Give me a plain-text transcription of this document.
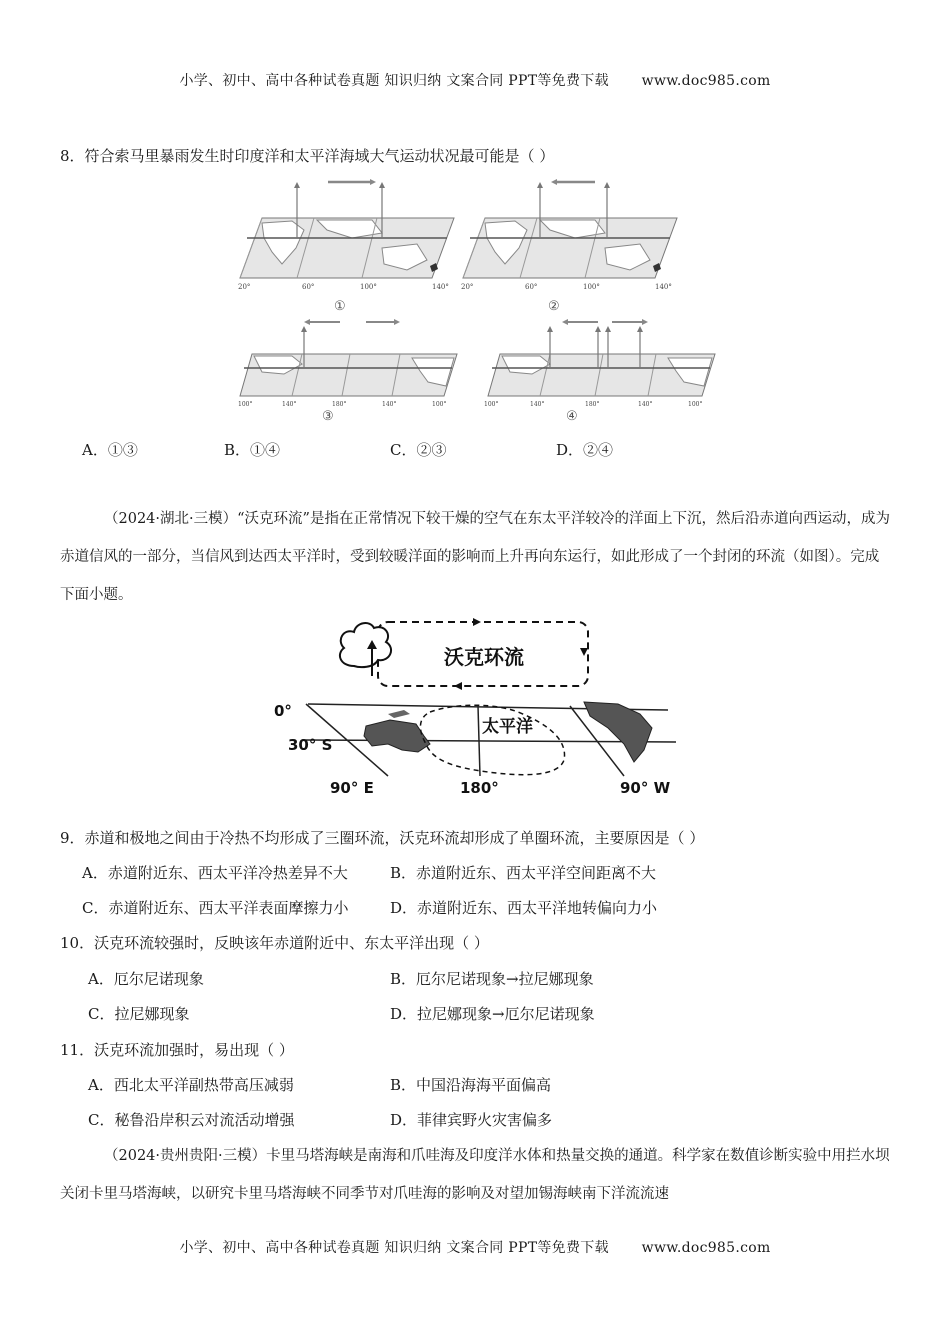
小学、初中、高中各种试卷真题 知识归纳 文案合同 PPT等免费下载 www.doc985.com
8．符合索马里暴雨发生时印度洋和太平洋海域大气运动状况最可能是（ ）
20°	60°	100°	140°
①
20°	60°	100°	140°
②
100°	140°	180°	140°	100°
③
100°	140°	180°	140°	100°
④
A．①③	B．①④	C．②③	D．②④

（2024·湖北·三模）“沃克环流”是指在正常情况下较干燥的空气在东太平洋较冷的洋面上下沉，然后沿赤道向西运动，成为赤道信风的一部分，当信风到达西太平洋时，受到较暖洋面的影响而上升再向东运行，如此形成了一个封闭的环流（如图）。完成下面小题。

沃克环流
太平洋
0°
30° S
90° E	180°	90° W
9．赤道和极地之间由于冷热不均形成了三圈环流，沃克环流却形成了单圈环流，主要原因是（ ）
A．赤道附近东、西太平洋冷热差异不大	B．赤道附近东、西太平洋空间距离不大
C．赤道附近东、西太平洋表面摩擦力小	D．赤道附近东、西太平洋地转偏向力小
10．沃克环流较强时，反映该年赤道附近中、东太平洋出现（ ）
A．厄尔尼诺现象	B．厄尔尼诺现象→拉尼娜现象
C．拉尼娜现象	D．拉尼娜现象→厄尔尼诺现象
11．沃克环流加强时，易出现（ ）
A．西北太平洋副热带高压减弱	B．中国沿海海平面偏高
C．秘鲁沿岸积云对流活动增强	D．菲律宾野火灾害偏多

（2024·贵州贵阳·三模）卡里马塔海峡是南海和爪哇海及印度洋水体和热量交换的通道。科学家在数值诊断实验中用拦水坝关闭卡里马塔海峡，以研究卡里马塔海峡不同季节对爪哇海的影响及对望加锡海峡南下洋流流速

小学、初中、高中各种试卷真题 知识归纳 文案合同 PPT等免费下载 www.doc985.com
